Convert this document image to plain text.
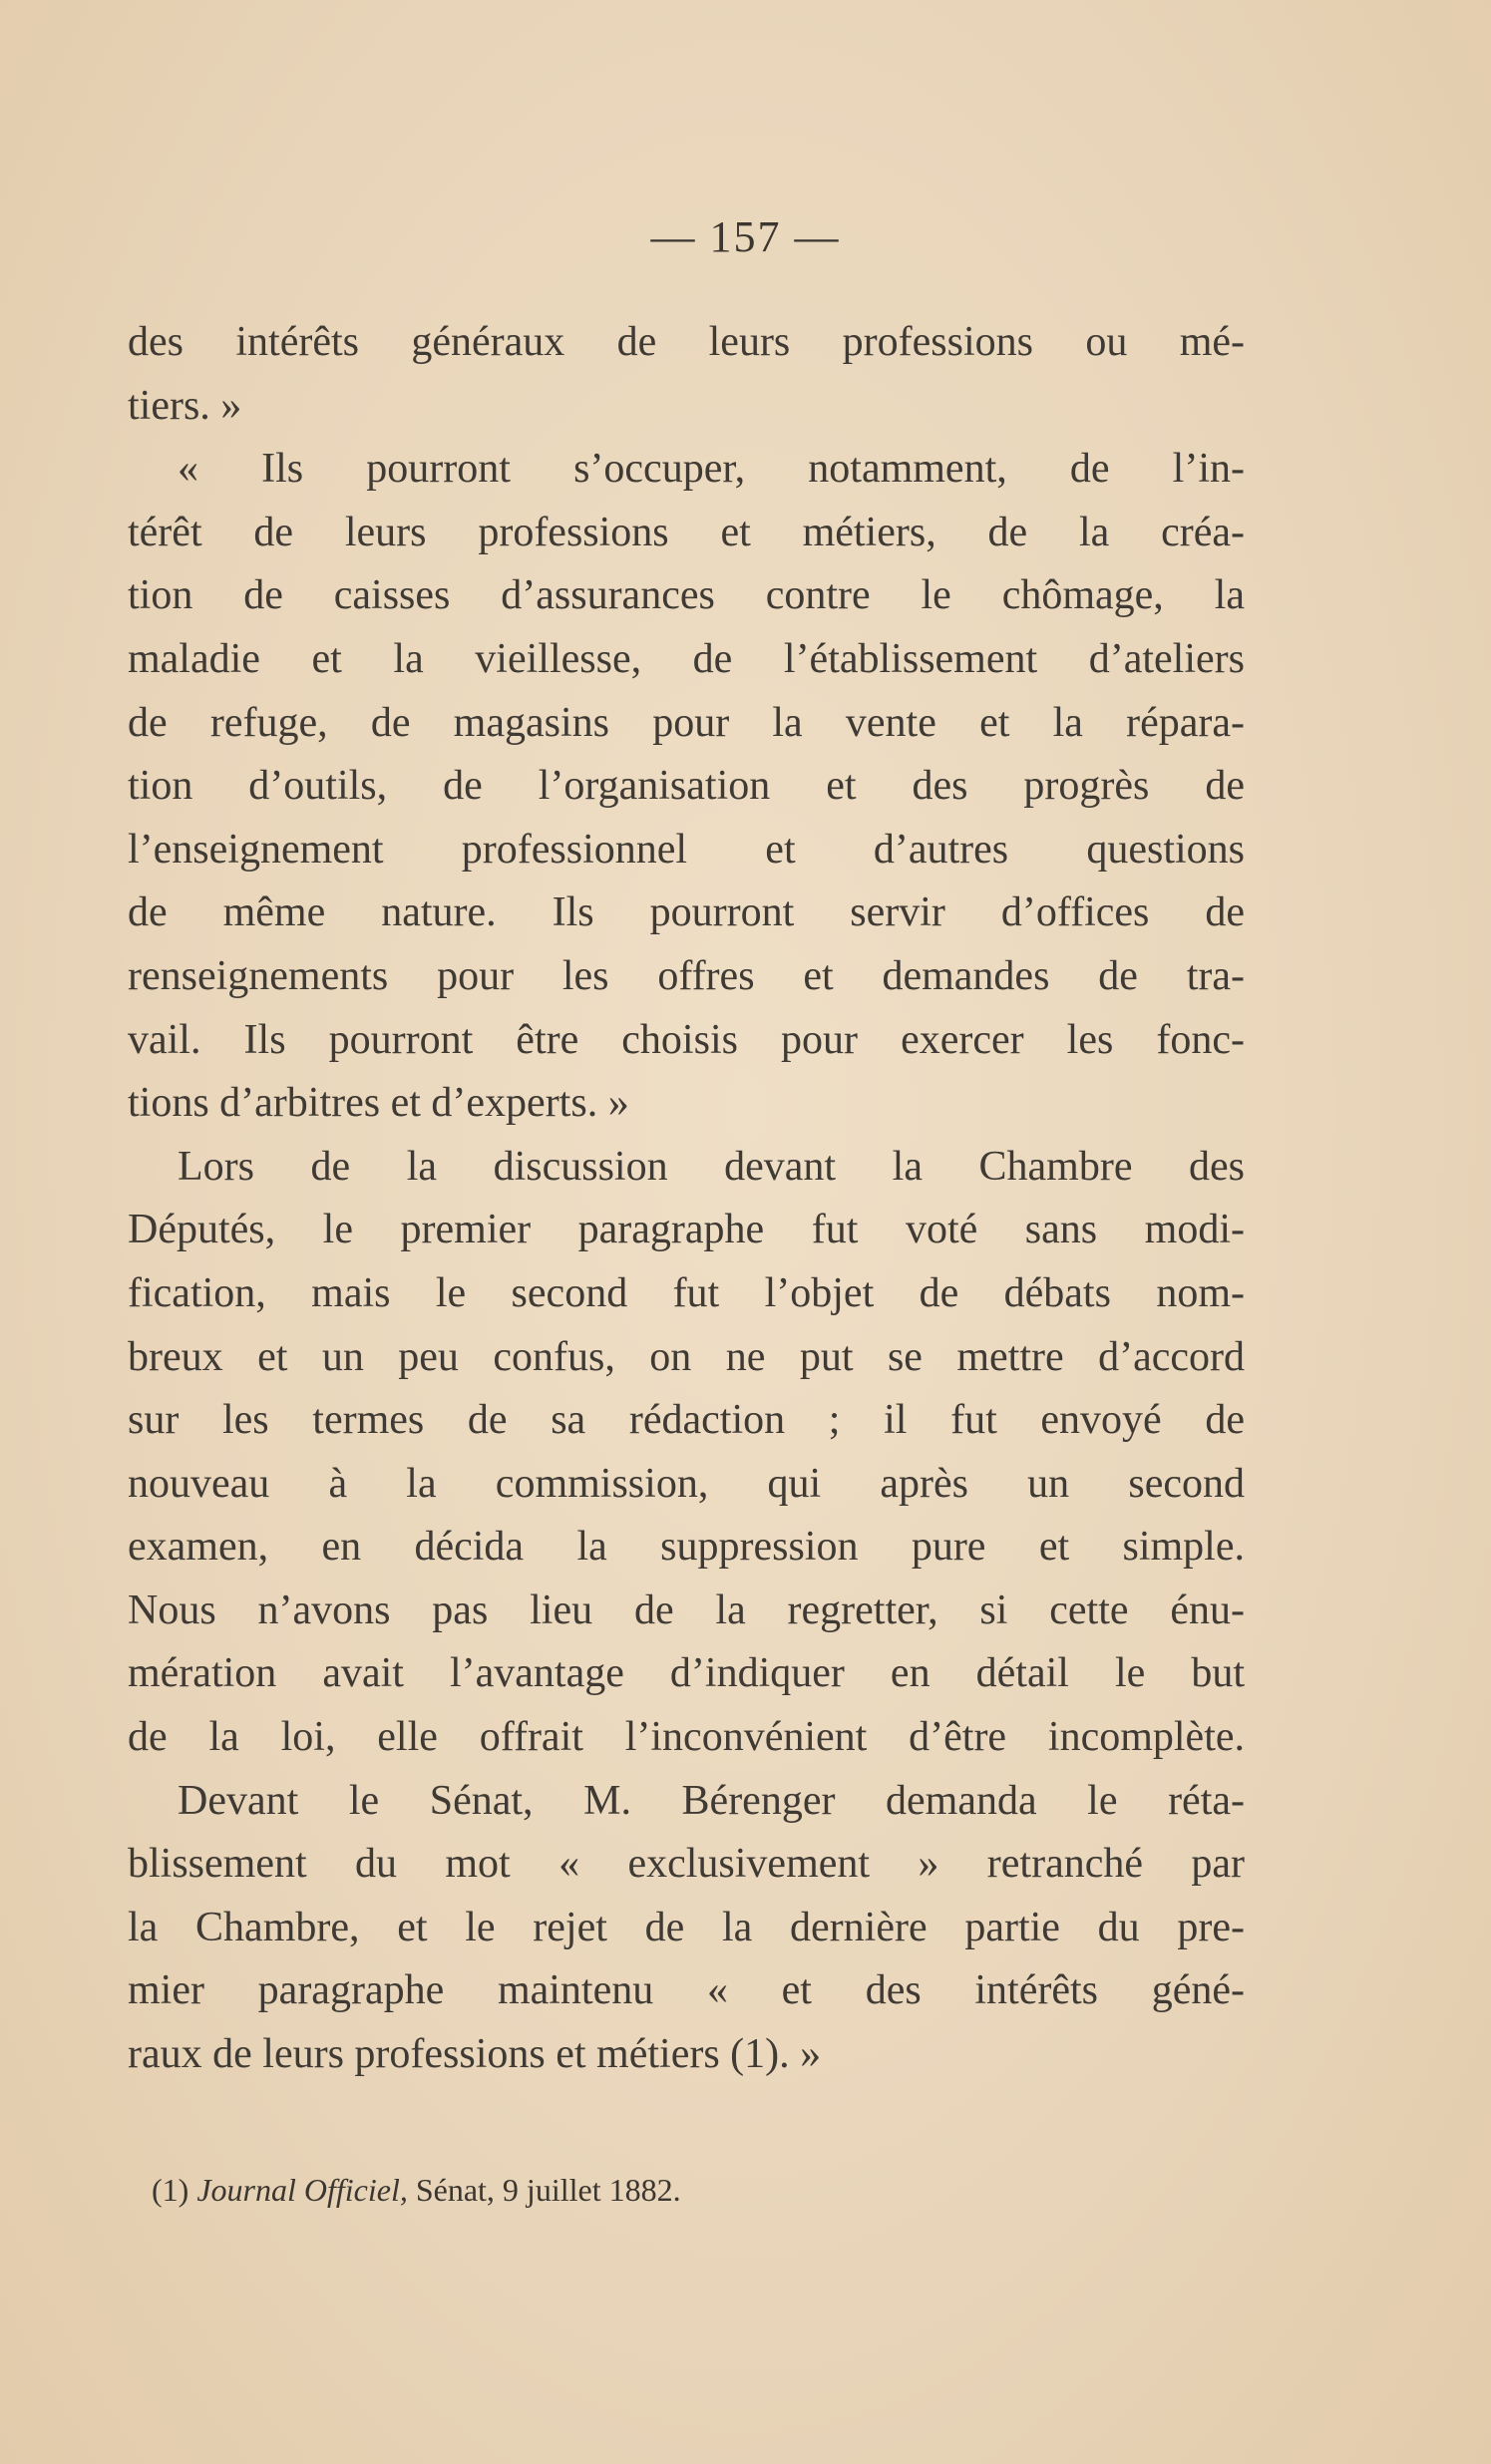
— 157 —
des intérêts généraux de leurs professions ou mé-
tiers. »
« Ils pourront s’occuper, notamment, de l’in-
térêt de leurs professions et métiers, de la créa-
tion de caisses d’assurances contre le chômage, la
maladie et la vieillesse, de l’établissement d’ateliers
de refuge, de magasins pour la vente et la répara-
tion d’outils, de l’organisation et des progrès de
l’enseignement professionnel et d’autres questions
de même nature. Ils pourront servir d’offices de
renseignements pour les offres et demandes de tra-
vail. Ils pourront être choisis pour exercer les fonc-
tions d’arbitres et d’experts. »
Lors de la discussion devant la Chambre des
Députés, le premier paragraphe fut voté sans modi-
fication, mais le second fut l’objet de débats nom-
breux et un peu confus, on ne put se mettre d’accord
sur les termes de sa rédaction ; il fut envoyé de
nouveau à la commission, qui après un second
examen, en décida la suppression pure et simple.
Nous n’avons pas lieu de la regretter, si cette énu-
mération avait l’avantage d’indiquer en détail le but
de la loi, elle offrait l’inconvénient d’être incomplète.
Devant le Sénat, M. Bérenger demanda le réta-
blissement du mot « exclusivement » retranché par
la Chambre, et le rejet de la dernière partie du pre-
mier paragraphe maintenu « et des intérêts géné-
raux de leurs professions et métiers (1). »
(1) Journal Officiel, Sénat, 9 juillet 1882.
